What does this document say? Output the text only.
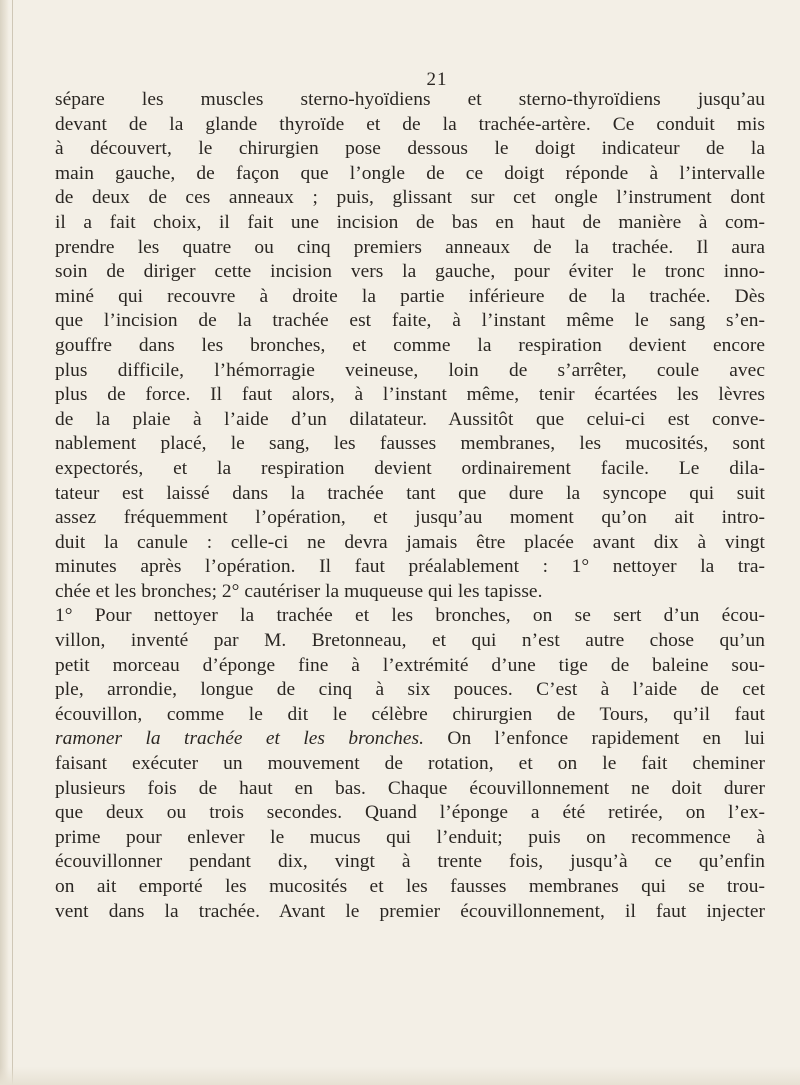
21
sépare les muscles sterno-hyoïdiens et sterno-thyroïdiens jusqu’au
devant de la glande thyroïde et de la trachée-artère. Ce conduit mis
à découvert, le chirurgien pose dessous le doigt indicateur de la
main gauche, de façon que l’ongle de ce doigt réponde à l’intervalle
de deux de ces anneaux ; puis, glissant sur cet ongle l’instrument dont
il a fait choix, il fait une incision de bas en haut de manière à com-
prendre les quatre ou cinq premiers anneaux de la trachée. Il aura
soin de diriger cette incision vers la gauche, pour éviter le tronc inno-
miné qui recouvre à droite la partie inférieure de la trachée. Dès
que l’incision de la trachée est faite, à l’instant même le sang s’en-
gouffre dans les bronches, et comme la respiration devient encore
plus difficile, l’hémorragie veineuse, loin de s’arrêter, coule avec
plus de force. Il faut alors, à l’instant même, tenir écartées les lèvres
de la plaie à l’aide d’un dilatateur. Aussitôt que celui-ci est conve-
nablement placé, le sang, les fausses membranes, les mucosités, sont
expectorés, et la respiration devient ordinairement facile. Le dila-
tateur est laissé dans la trachée tant que dure la syncope qui suit
assez fréquemment l’opération, et jusqu’au moment qu’on ait intro-
duit la canule : celle-ci ne devra jamais être placée avant dix à vingt
minutes après l’opération. Il faut préalablement : 1° nettoyer la tra-
chée et les bronches; 2° cautériser la muqueuse qui les tapisse.
1° Pour nettoyer la trachée et les bronches, on se sert d’un écou-
villon, inventé par M. Bretonneau, et qui n’est autre chose qu’un
petit morceau d’éponge fine à l’extrémité d’une tige de baleine sou-
ple, arrondie, longue de cinq à six pouces. C’est à l’aide de cet
écouvillon, comme le dit le célèbre chirurgien de Tours, qu’il faut
ramoner la trachée et les bronches. On l’enfonce rapidement en lui
faisant exécuter un mouvement de rotation, et on le fait cheminer
plusieurs fois de haut en bas. Chaque écouvillonnement ne doit durer
que deux ou trois secondes. Quand l’éponge a été retirée, on l’ex-
prime pour enlever le mucus qui l’enduit; puis on recommence à
écouvillonner pendant dix, vingt à trente fois, jusqu’à ce qu’enfin
on ait emporté les mucosités et les fausses membranes qui se trou-
vent dans la trachée. Avant le premier écouvillonnement, il faut injecter
